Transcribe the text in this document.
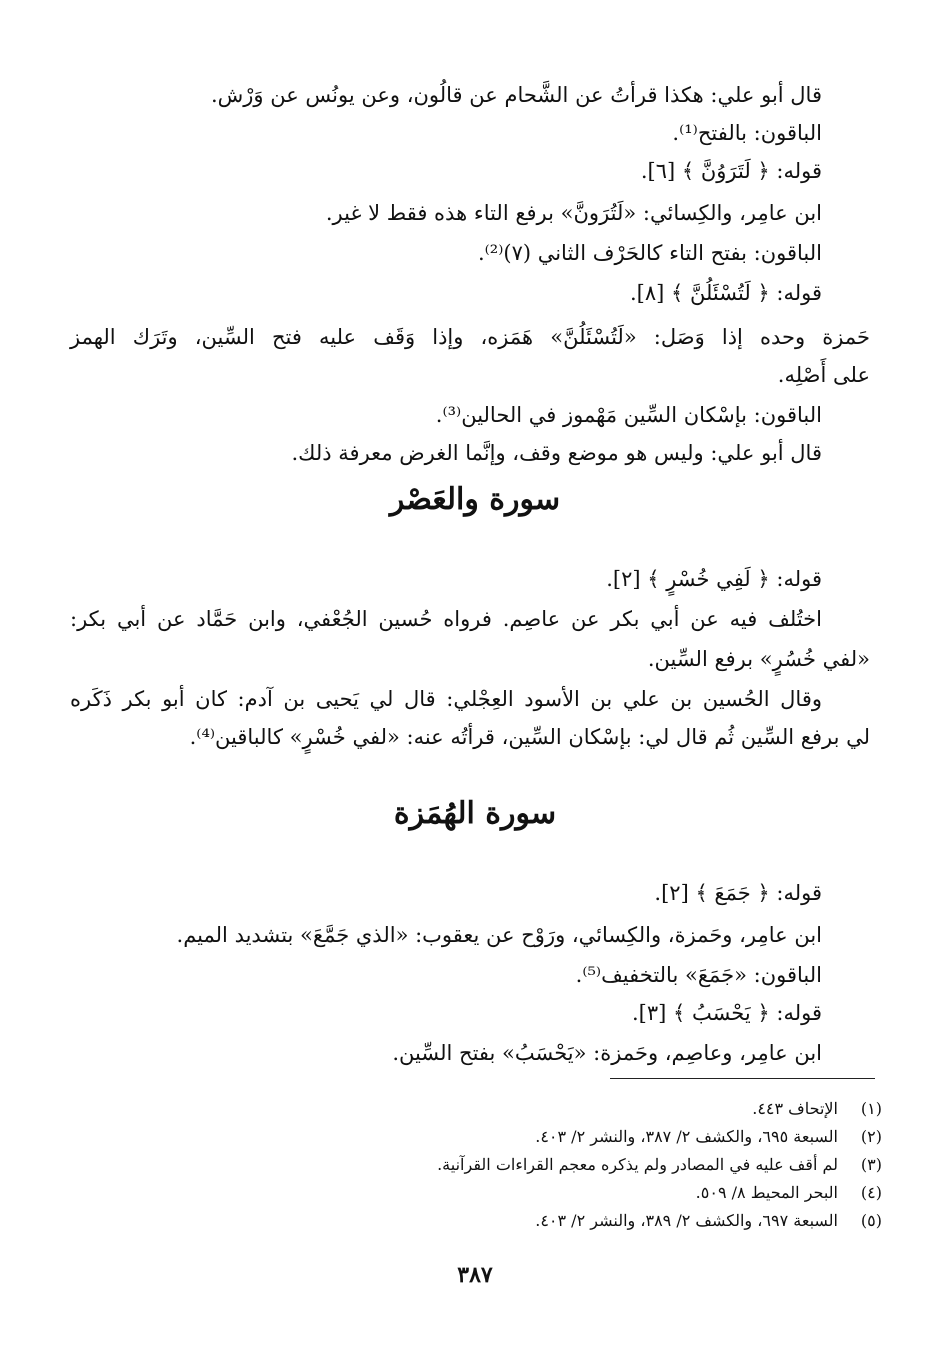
قال أبو علي: هكذا قرأتُ عن الشَّحام عن قالُون، وعن يونُس عن وَرْش.
الباقون: بالفتح⁽¹⁾.
قوله: ﴿ لَتَرَوُنَّ ﴾ [٦].
ابن عامِر، والكِسائي: «لَتُرَونَّ» برفع التاء هذه فقط لا غير.
الباقون: بفتح التاء كالحَرْف الثاني (٧)⁽²⁾.
قوله: ﴿ لَتُسْئَلُنَّ ﴾ [٨].
حَمزة وحده إذا وَصَل: «لَتُسْئَلُنَّ» هَمَزه، وإذا وَقَف عليه فتح السِّين، وتَرَك الهمز
على أَصْلِه.
الباقون: بإسْكان السِّين مَهْموز في الحالين⁽³⁾.
قال أبو علي: وليس هو موضع وقف، وإنَّما الغرض معرفة ذلك.
سورة والعَصْر
قوله: ﴿ لَفِي خُسْرٍ ﴾ [٢].
اختُلف فيه عن أبي بكر عن عاصِم. فرواه حُسين الجُعْفي، وابن حَمَّاد عن أبي بكر:
«لفي خُسُرٍ» برفع السِّين.
وقال الحُسين بن علي بن الأسود العِجْلي: قال لي يَحيى بن آدم: كان أبو بكر ذَكَره
لي برفع السِّين ثُم قال لي: بإسْكان السِّين، قرأتُه عنه: «لفي خُسْرٍ» كالباقين⁽⁴⁾.
سورة الهُمَزة
قوله: ﴿ جَمَعَ ﴾ [٢].
ابن عامِر، وحَمزة، والكِسائي، ورَوْح عن يعقوب: «الذي جَمَّعَ» بتشديد الميم.
الباقون: «جَمَعَ» بالتخفيف⁽⁵⁾.
قوله: ﴿ يَحْسَبُ ﴾ [٣].
ابن عامِر، وعاصِم، وحَمزة: «يَحْسَبُ» بفتح السِّين.
(١)الإتحاف ٤٤٣.
(٢)السبعة ٦٩٥، والكشف ٢/ ٣٨٧، والنشر ٢/ ٤٠٣.
(٣)لم أقف عليه في المصادر ولم يذكره معجم القراءات القرآنية.
(٤)البحر المحيط ٨/ ٥٠٩.
(٥)السبعة ٦٩٧، والكشف ٢/ ٣٨٩، والنشر ٢/ ٤٠٣.
٣٨٧
